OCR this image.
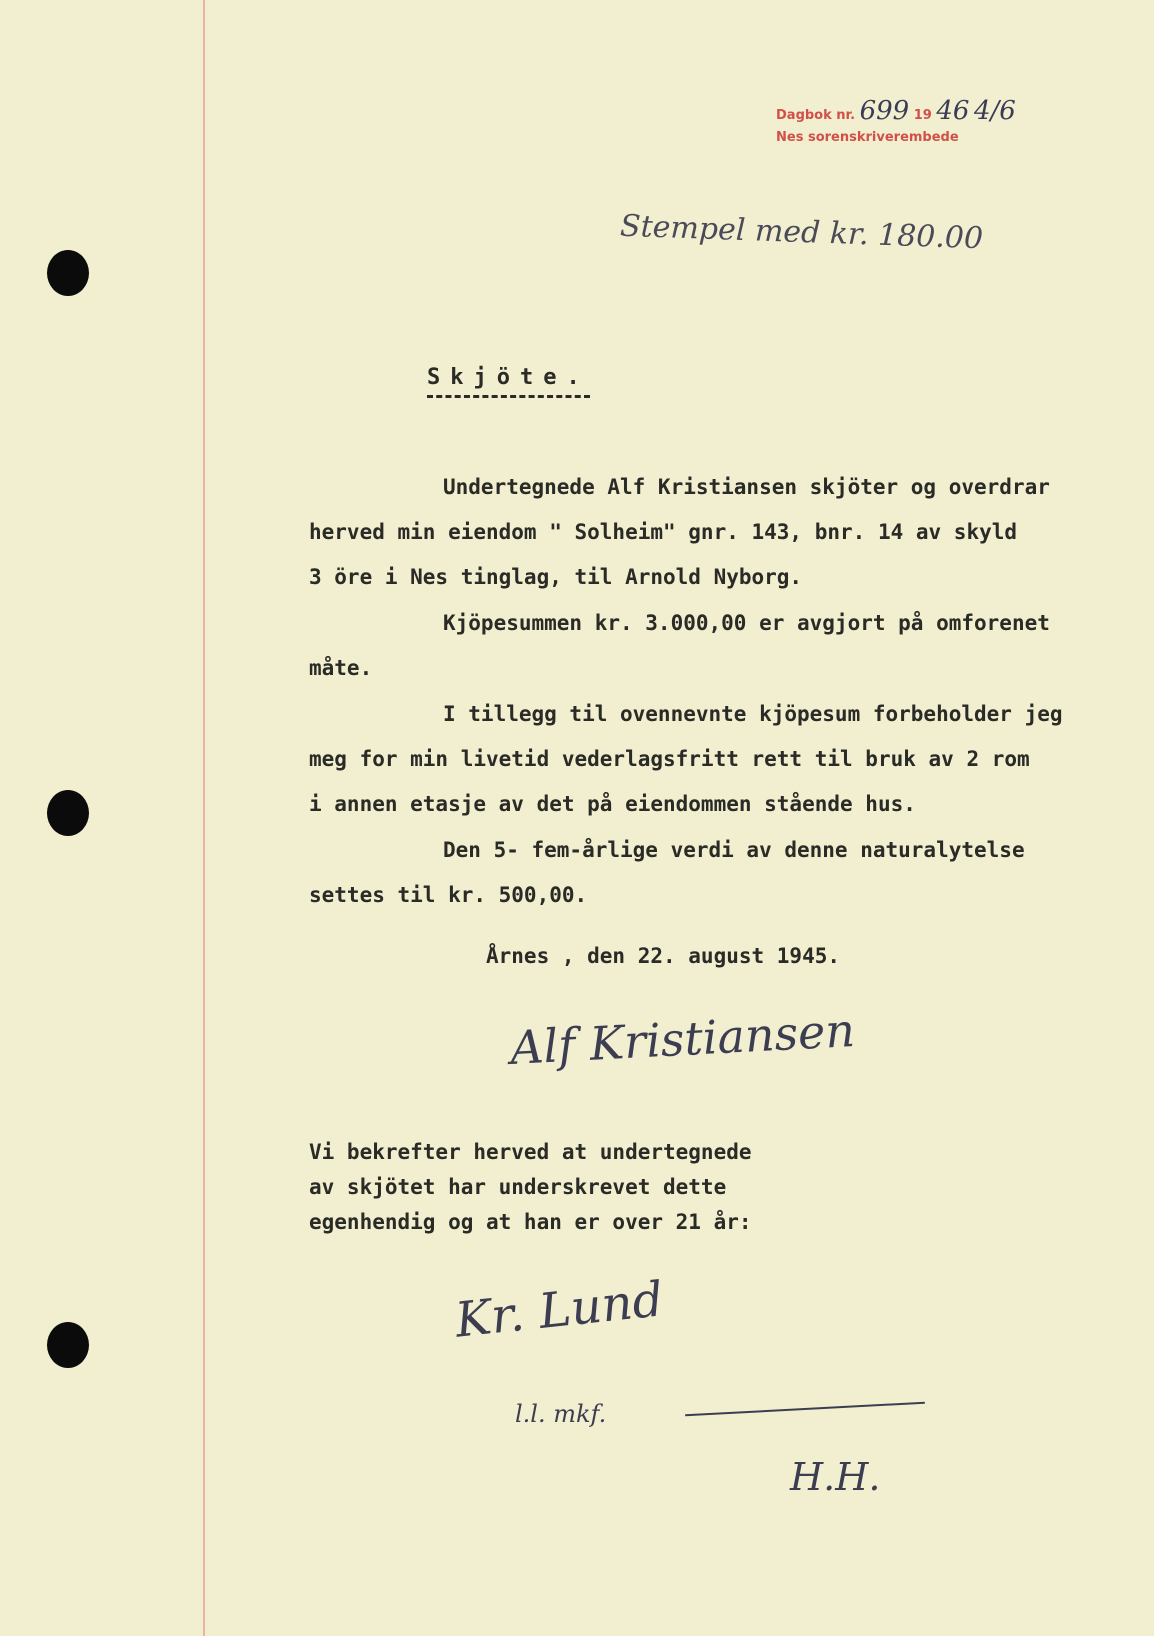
Dagbok nr. 699 19 46 4/6
Nes sorenskriverembede
Stempel med kr. 180.00
Skjöte.
Undertegnede Alf Kristiansen skjöter og overdrar
herved min eiendom " Solheim" gnr. 143, bnr. 14 av skyld
3 öre i Nes tinglag, til Arnold Nyborg.
Kjöpesummen kr. 3.000,00 er avgjort på omforenet
måte.
I tillegg til ovennevnte kjöpesum forbeholder jeg
meg for min livetid vederlagsfritt rett til bruk av 2 rom
i annen etasje av det på eiendommen stående hus.
Den 5- fem-årlige verdi av denne naturalytelse
settes til kr. 500,00.
Årnes , den 22. august 1945.
Alf Kristiansen
Vi bekrefter herved at undertegnede
av skjötet har underskrevet dette
egenhendig og at han er over 21 år:
Kr. Lund
l.l. mkf.
H.H.
